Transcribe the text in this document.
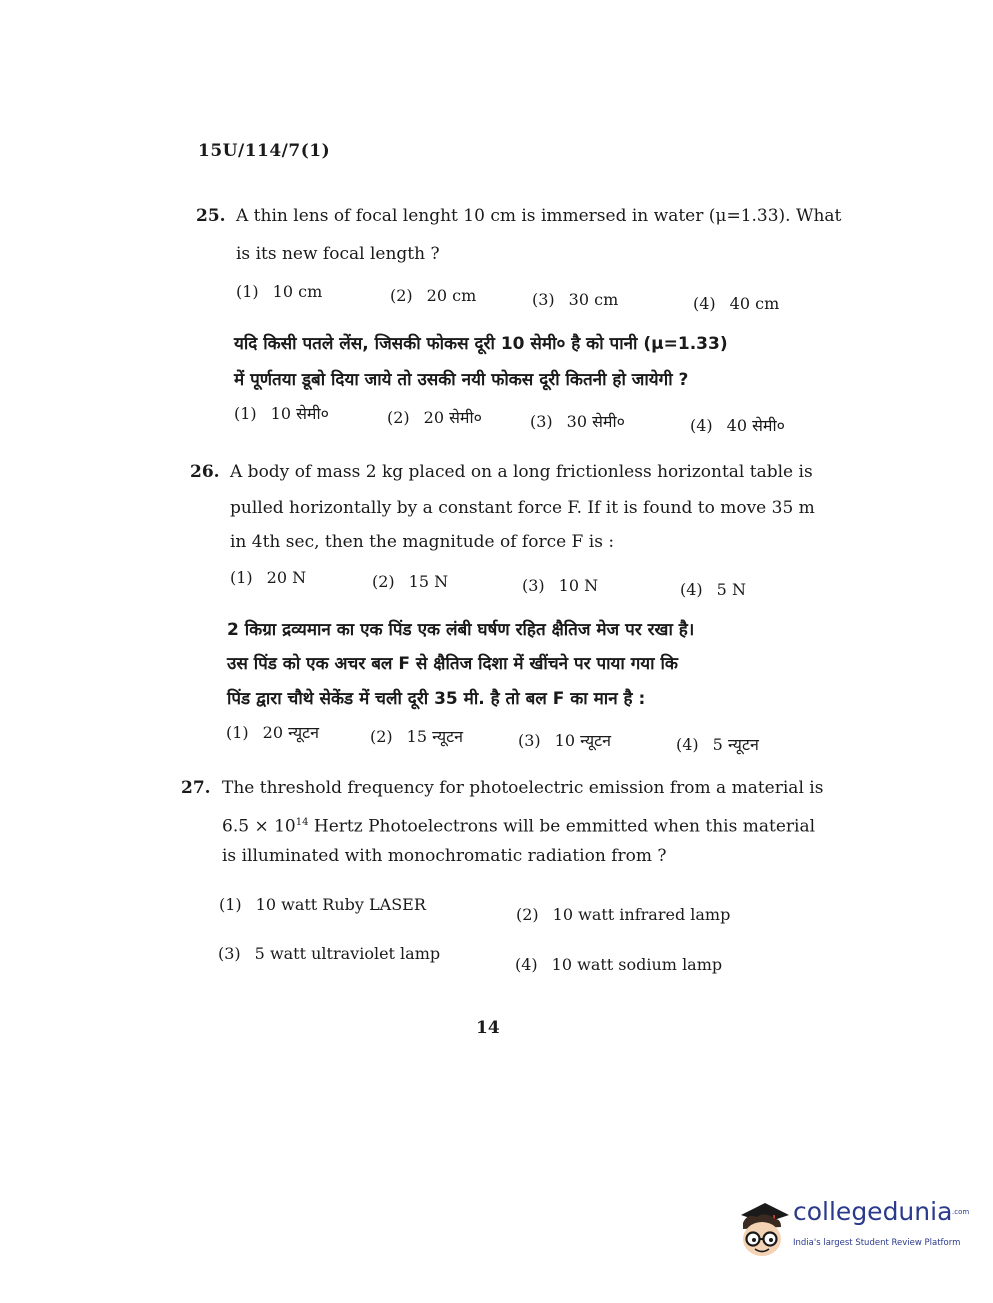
15U/114/7(1)
25. A thin lens of focal lenght 10 cm is immersed in water (μ=1.33). What
is its new focal length ?
(1) 10 cm	(2) 20 cm	(3) 30 cm	(4) 40 cm
यदि किसी पतले लेंस, जिसकी फोकस दूरी 10 सेमी० है को पानी (μ=1.33)
में पूर्णतया डूबो दिया जाये तो उसकी नयी फोकस दूरी कितनी हो जायेगी ?
(1) 10 सेमी०	(2) 20 सेमी०	(3) 30 सेमी०	(4) 40 सेमी०
26. A body of mass 2 kg placed on a long frictionless horizontal table is
pulled horizontally by a constant force F. If it is found to move 35 m
in 4th sec, then the magnitude of force F is :
(1) 20 N	(2) 15 N	(3) 10 N	(4) 5 N
2 किग्रा द्रव्यमान का एक पिंड एक लंबी घर्षण रहित क्षैतिज मेज पर रखा है।
उस पिंड को एक अचर बल F से क्षैतिज दिशा में खींचने पर पाया गया कि
पिंड द्वारा चौथे सेकेंड में चली दूरी 35 मी. है तो बल F का मान है :
(1) 20 न्यूटन	(2) 15 न्यूटन	(3) 10 न्यूटन	(4) 5 न्यूटन
27. The threshold frequency for photoelectric emission from a material is
$6.5 \times 10^{14}$ Hertz Photoelectrons will be emmitted when this material
is illuminated with monochromatic radiation from ?
(1) 10 watt Ruby LASER
(2) 10 watt infrared lamp
(3) 5 watt ultraviolet lamp
(4) 10 watt sodium lamp
14
collegedunia .com
India's largest Student Review Platform
